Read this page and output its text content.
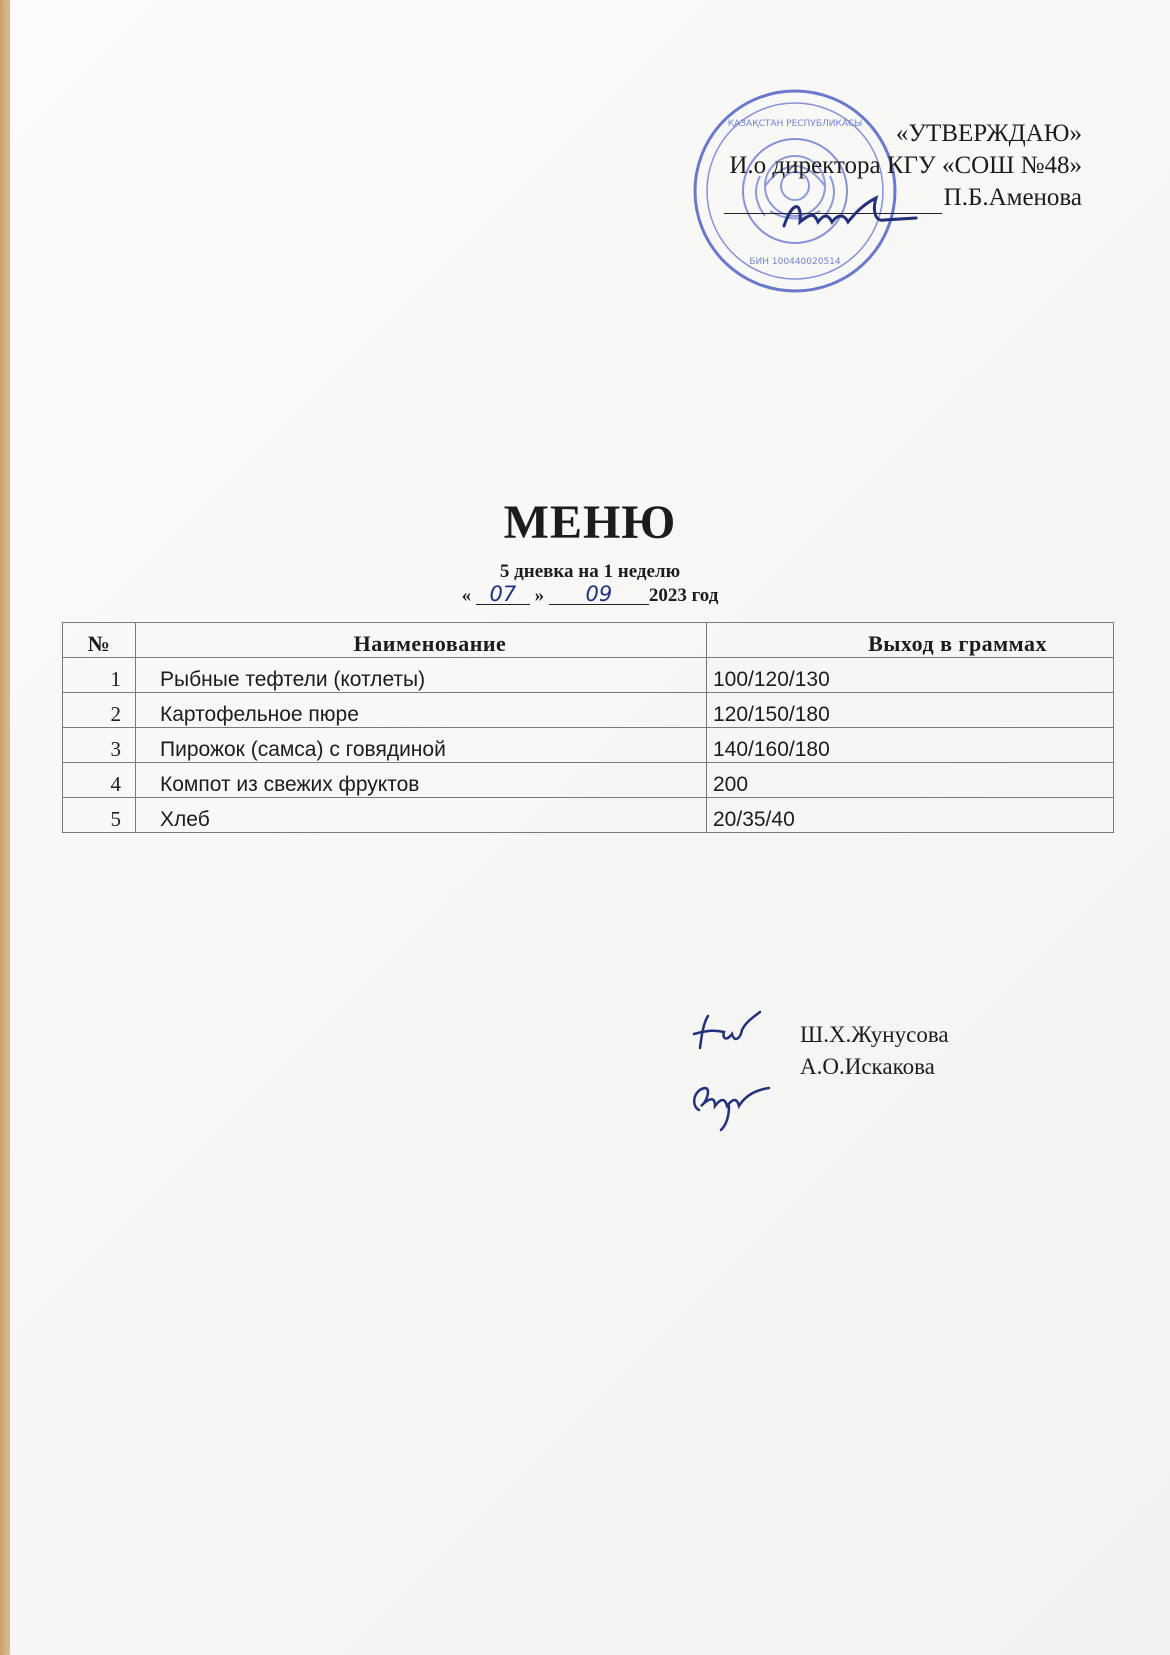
ҚАЗАҚСТАН РЕСПУБЛИКАСЫ
БИН 100440020514
«УТВЕРЖДАЮ»
И.о директора КГУ «СОШ №48»
П.Б.Аменова
МЕНЮ
5 дневка на 1 неделю
« 07 » 09 2023 год
№	Наименование	Выход в граммах
1	Рыбные тефтели (котлеты)	100/120/130
2	Картофельное пюре	120/150/180
3	Пирожок (самса) с говядиной	140/160/180
4	Компот из свежих фруктов	200
5	Хлеб	20/35/40
Ш.Х.Жунусова
А.О.Искакова
